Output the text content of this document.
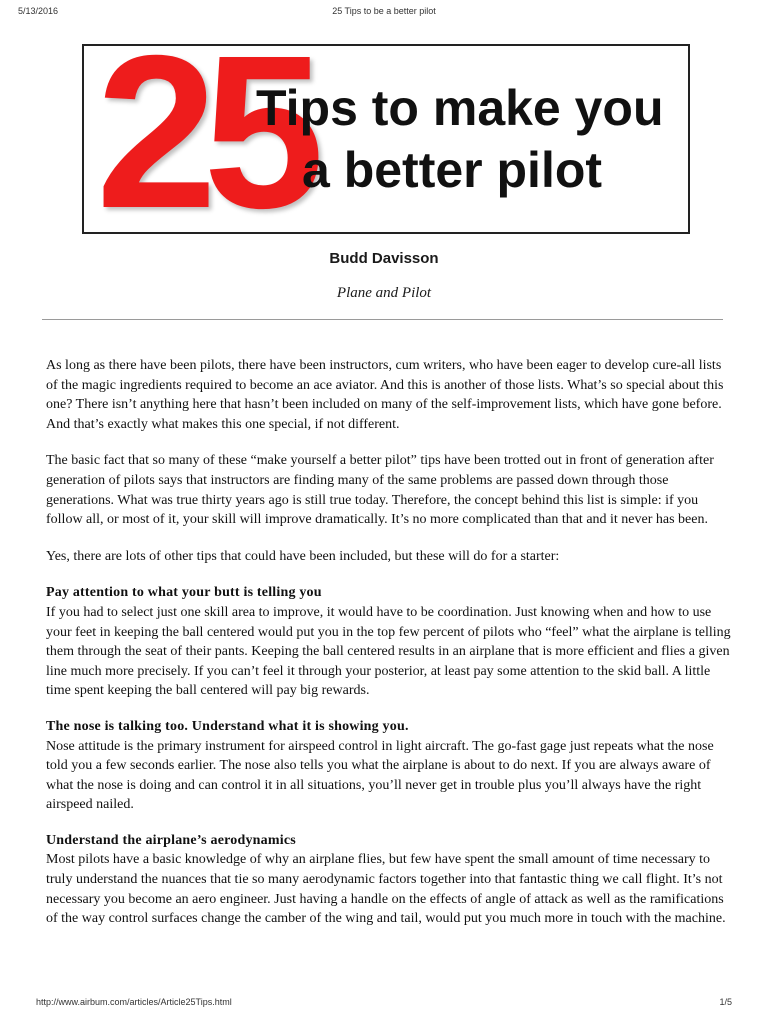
5/13/2016	25 Tips to be a better pilot
25
Tips to make you
a better pilot
Budd Davisson
Plane and Pilot

As long as there have been pilots, there have been instructors, cum writers, who have been eager to develop cure-all lists of the magic ingredients required to become an ace aviator. And this is another of those lists. What’s so special about this one? There isn’t anything here that hasn’t been included on many of the self-improvement lists, which have gone before. And that’s exactly what makes this one special, if not different.

The basic fact that so many of these “make yourself a better pilot” tips have been trotted out in front of generation after generation of pilots says that instructors are finding many of the same problems are passed down through those generations. What was true thirty years ago is still true today. Therefore, the concept behind this list is simple: if you follow all, or most of it, your skill will improve dramatically. It’s no more complicated than that and it never has been.

Yes, there are lots of other tips that could have been included, but these will do for a starter:

Pay attention to what your butt is telling you
If you had to select just one skill area to improve, it would have to be coordination. Just knowing when and how to use your feet in keeping the ball centered would put you in the top few percent of pilots who “feel” what the airplane is telling them through the seat of their pants. Keeping the ball centered results in an airplane that is more efficient and flies a given line much more precisely. If you can’t feel it through your posterior, at least pay some attention to the skid ball. A little time spent keeping the ball centered will pay big rewards.
The nose is talking too. Understand what it is showing you.
Nose attitude is the primary instrument for airspeed control in light aircraft. The go-fast gage just repeats what the nose told you a few seconds earlier. The nose also tells you what the airplane is about to do next. If you are always aware of what the nose is doing and can control it in all situations, you’ll never get in trouble plus you’ll always have the right airspeed nailed.
Understand the airplane’s aerodynamics
Most pilots have a basic knowledge of why an airplane flies, but few have spent the small amount of time necessary to truly understand the nuances that tie so many aerodynamic factors together into that fantastic thing we call flight. It’s not necessary you become an aero engineer. Just having a handle on the effects of angle of attack as well as the ramifications of the way control surfaces change the camber of the wing and tail, would put you much more in touch with the machine.
http://www.airbum.com/articles/Article25Tips.html	1/5
